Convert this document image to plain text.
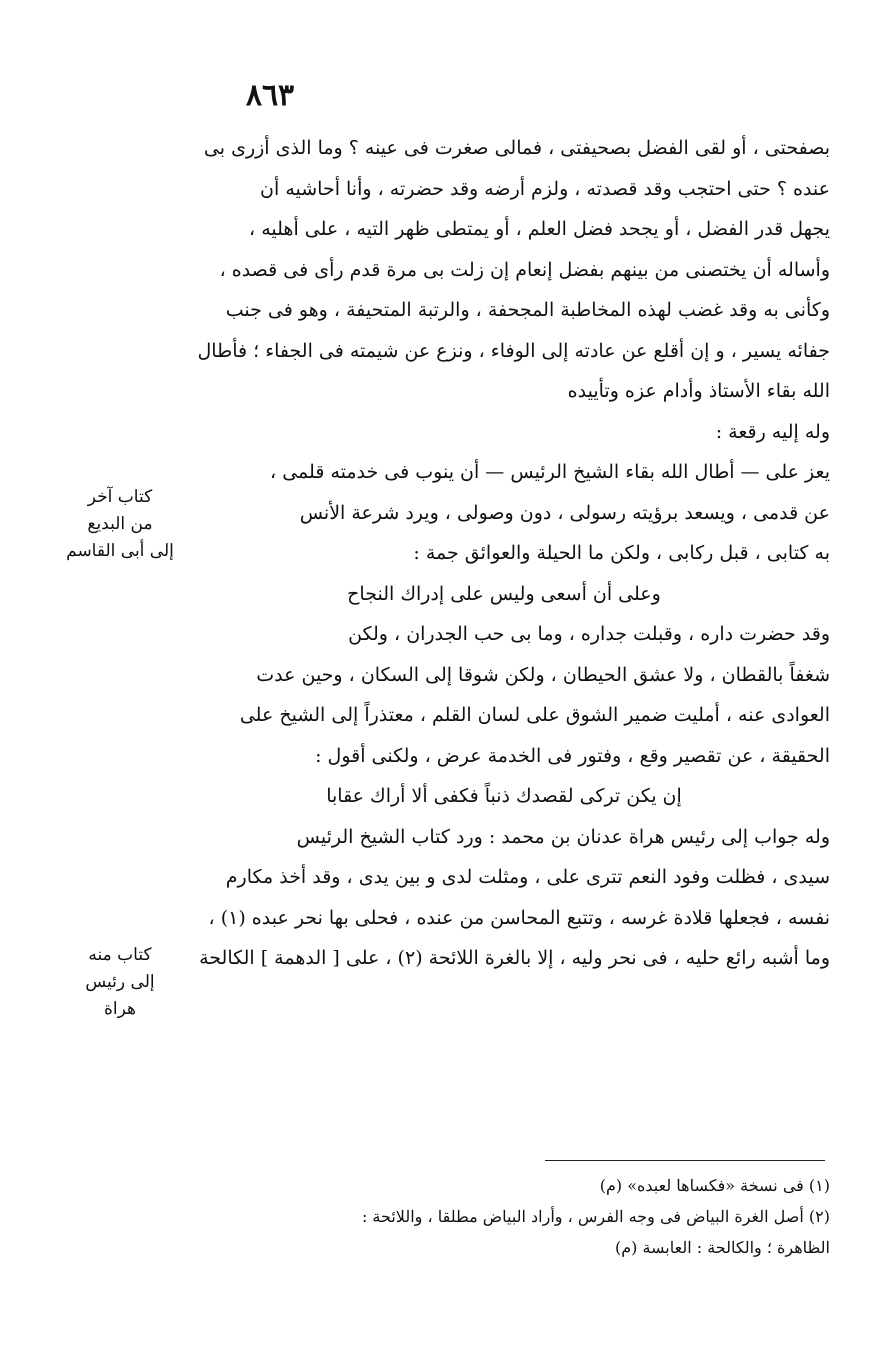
٨٦٣
بصفحتى ، أو لقى الفضل بصحيفتى ، فمالى صغرت فى عينه ؟ وما الذى أزرى بى
عنده ؟ حتى احتجب وقد قصدته ، ولزم أرضه وقد حضرته ، وأنا أحاشيه أن
يجهل قدر الفضل ، أو يجحد فضل العلم ، أو يمتطى ظهر التيه ، على أهليه ،
وأساله أن يختصنى من بينهم بفضل إنعام إن زلت بى مرة قدم رأى فى قصده ،
وكأنى به وقد غضب لهذه المخاطبة المجحفة ، والرتبة المتحيفة ، وهو فى جنب
جفائه يسير ، و إن أقلع عن عادته إلى الوفاء ، ونزع عن شيمته فى الجفاء ؛ فأطال
الله بقاء الأستاذ وأدام عزه وتأييده
وله إليه رقعة :
يعز على — أطال الله بقاء الشيخ الرئيس — أن ينوب فى خدمته قلمى ،
عن قدمى ، ويسعد برؤيته رسولى ، دون وصولى ، ويرد شرعة الأنس
به كتابى ، قبل ركابى ، ولكن ما الحيلة والعوائق جمة :
وعلى أن أسعى وليس على إدراك النجاح
وقد حضرت داره ، وقبلت جداره ، وما بى حب الجدران ، ولكن
شغفاً بالقطان ، ولا عشق الحيطان ، ولكن شوقا إلى السكان ، وحين عدت
العوادى عنه ، أمليت ضمير الشوق على لسان القلم ، معتذراً إلى الشيخ على
الحقيقة ، عن تقصير وقع ، وفتور فى الخدمة عرض ، ولكنى أقول :
إن يكن تركى لقصدك ذنباً فكفى ألا أراك عقابا
وله جواب إلى رئيس هراة عدنان بن محمد : ورد كتاب الشيخ الرئيس
سيدى ، فظلت وفود النعم تترى على ، ومثلت لدى و بين يدى ، وقد أخذ مكارم
نفسه ، فجعلها قلادة غرسه ، وتتبع المحاسن من عنده ، فحلى بها نحر عبده (١) ،
وما أشبه رائع حليه ، فى نحر وليه ، إلا بالغرة اللائحة (٢) ، على [ الدهمة ] الكالحة
كتاب آخر
من البديع
إلى أبى القاسم
كتاب منه
إلى رئيس
هراة
(١) فى نسخة «فكساها لعبده» (م)
(٢) أصل الغرة البياض فى وجه الفرس ، وأراد البياض مطلقا ، واللائحة :
الظاهرة ؛ والكالحة : العابسة (م)
